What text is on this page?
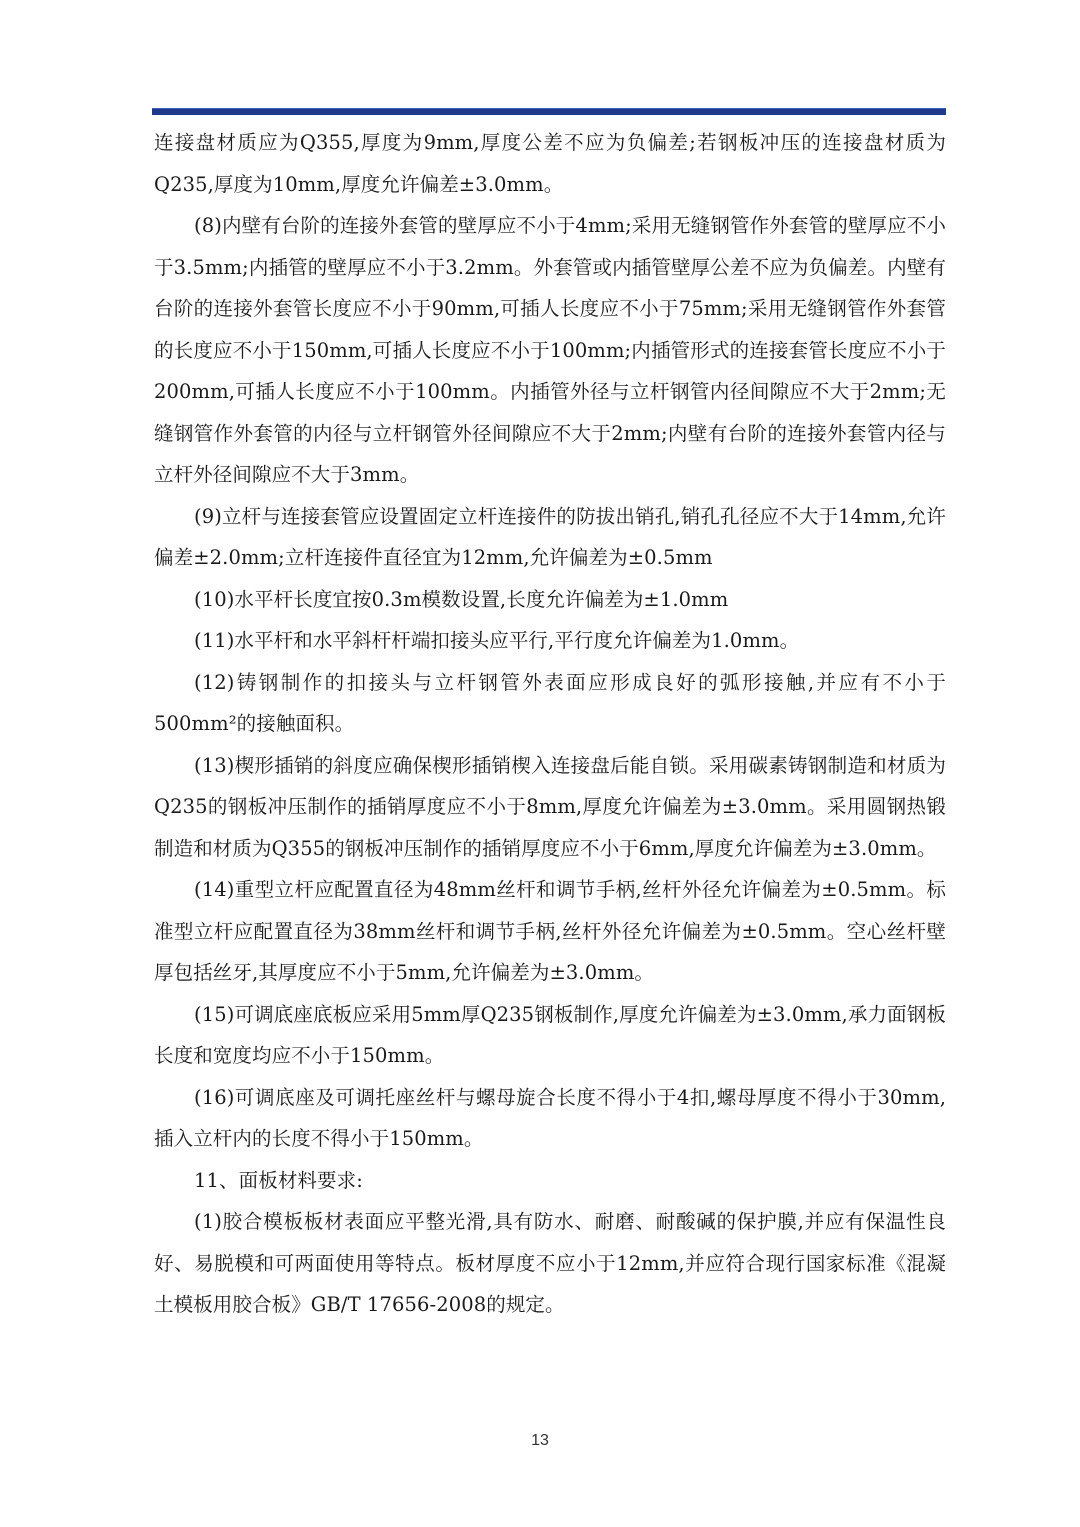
连接盘材质应为Q355,厚度为9mm,厚度公差不应为负偏差;若钢板冲压的连接盘材质为Q235,厚度为10mm,厚度允许偏差±3.0mm。

(8)内壁有台阶的连接外套管的壁厚应不小于4mm;采用无缝钢管作外套管的壁厚应不小于3.5mm;内插管的壁厚应不小于3.2mm。外套管或内插管壁厚公差不应为负偏差。内壁有台阶的连接外套管长度应不小于90mm,可插人长度应不小于75mm;采用无缝钢管作外套管的长度应不小于150mm,可插人长度应不小于100mm;内插管形式的连接套管长度应不小于200mm,可插人长度应不小于100mm。内插管外径与立杆钢管内径间隙应不大于2mm;无缝钢管作外套管的内径与立杆钢管外径间隙应不大于2mm;内壁有台阶的连接外套管内径与立杆外径间隙应不大于3mm。

(9)立杆与连接套管应设置固定立杆连接件的防拔出销孔,销孔孔径应不大于14mm,允许偏差±2.0mm;立杆连接件直径宜为12mm,允许偏差为±0.5mm

(10)水平杆长度宜按0.3m模数设置,长度允许偏差为±1.0mm

(11)水平杆和水平斜杆杆端扣接头应平行,平行度允许偏差为1.0mm。

(12)铸钢制作的扣接头与立杆钢管外表面应形成良好的弧形接触,并应有不小于500mm²的接触面积。

(13)楔形插销的斜度应确保楔形插销楔入连接盘后能自锁。采用碳素铸钢制造和材质为Q235的钢板冲压制作的插销厚度应不小于8mm,厚度允许偏差为±3.0mm。采用圆钢热锻制造和材质为Q355的钢板冲压制作的插销厚度应不小于6mm,厚度允许偏差为±3.0mm。

(14)重型立杆应配置直径为48mm丝杆和调节手柄,丝杆外径允许偏差为±0.5mm。标准型立杆应配置直径为38mm丝杆和调节手柄,丝杆外径允许偏差为±0.5mm。空心丝杆壁厚包括丝牙,其厚度应不小于5mm,允许偏差为±3.0mm。

(15)可调底座底板应采用5mm厚Q235钢板制作,厚度允许偏差为±3.0mm,承力面钢板长度和宽度均应不小于150mm。

(16)可调底座及可调托座丝杆与螺母旋合长度不得小于4扣,螺母厚度不得小于30mm,插入立杆内的长度不得小于150mm。

11、面板材料要求:

(1)胶合模板板材表面应平整光滑,具有防水、耐磨、耐酸碱的保护膜,并应有保温性良好、易脱模和可两面使用等特点。板材厚度不应小于12mm,并应符合现行国家标准《混凝土模板用胶合板》GB/T 17656-2008的规定。

13
